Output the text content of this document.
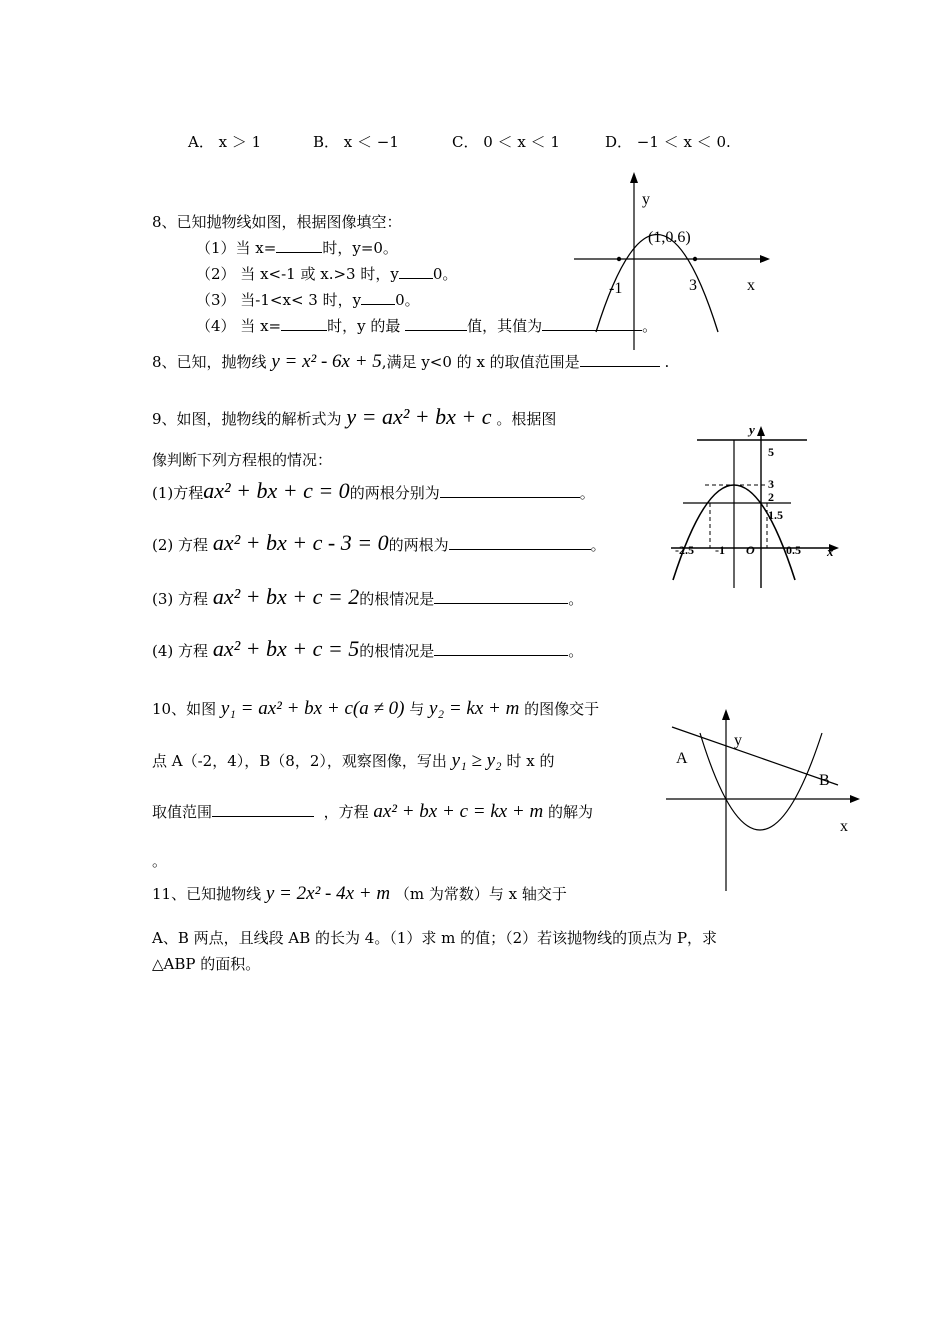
A． x ＞ 1	B． x ＜ −1	C． 0 ＜ x ＜ 1	D． −1 ＜ x ＜ 0.
8、已知抛物线如图，根据图像填空：
（1）当 x=	时，y=0。
（2） 当 x<-1 或 x.>3 时，y 0。
（3） 当-1<x< 3 时，y 0。
（4） 当 x=	时，y 的最	值，其值为	。
y
x
(1,0.6)
-1	3
8、已知，抛物线 y = x² - 6x + 5,满足 y<0 的 x 的取值范围是	.
9、如图，抛物线的解析式为 y = ax² + bx + c 。根据图
像判断下列方程根的情况：
(1)方程ax² + bx + c = 0的两根分别为	。
(2) 方程 ax² + bx + c - 3 = 0的两根为	。
(3) 方程 ax² + bx + c = 2的根情况是	。
(4) 方程 ax² + bx + c = 5的根情况是	。
y
x
5
3
2
1.5
-2.5 -1 O	0.5
10、如图 y₁ = ax² + bx + c(a ≠ 0) 与 y₂ = kx + m 的图像交于
点 A（-2，4），B（8，2），观察图像，写出 y₁ ≥ y₂ 时 x 的
取值范围	，方程 ax² + bx + c = kx + m 的解为
。
A
B
y
x
11、已知抛物线 y = 2x² - 4x + m （m 为常数）与 x 轴交于
A、B 两点，且线段 AB 的长为 4。（1）求 m 的值；（2）若该抛物线的顶点为 P，求
△ABP 的面积。
